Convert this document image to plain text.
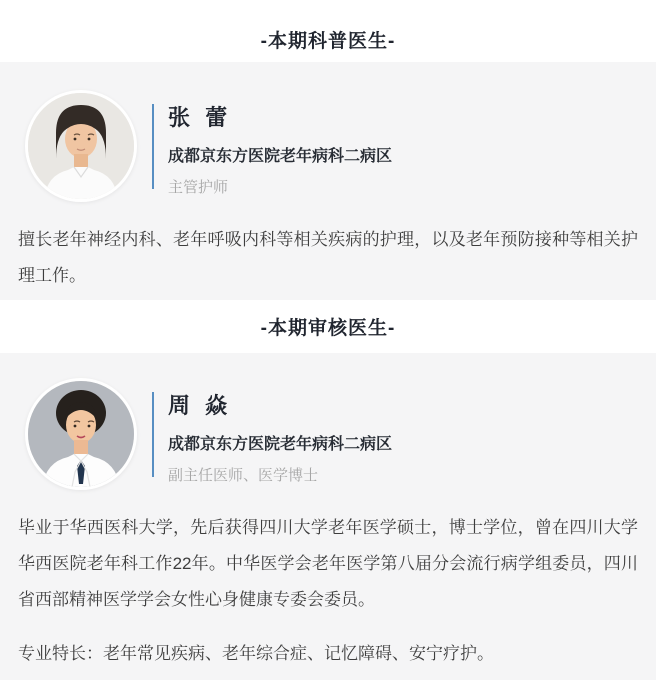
-本期科普医生-
张 蕾
成都京东方医院老年病科二病区
主管护师

擅长老年神经内科、老年呼吸内科等相关疾病的护理，以及老年预防接种等相关护理工作。

-本期审核医生-
周 焱
成都京东方医院老年病科二病区
副主任医师、医学博士

毕业于华西医科大学，先后获得四川大学老年医学硕士，博士学位，曾在四川大学华西医院老年科工作22年。中华医学会老年医学第八届分会流行病学组委员，四川省西部精神医学学会女性心身健康专委会委员。

专业特长：老年常见疾病、老年综合症、记忆障碍、安宁疗护。
